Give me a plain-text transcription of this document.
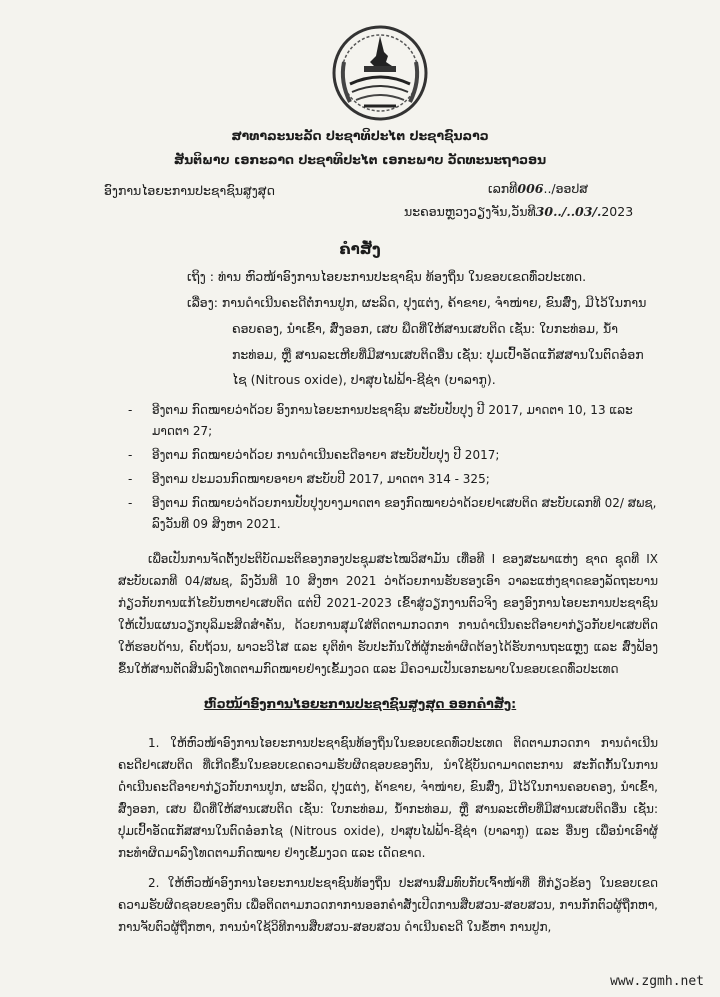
ສາທາລະນະລັດ ປະຊາທິປະໄຕ ປະຊາຊົນລາວ
ສັນຕິພາບ ເອກະລາດ ປະຊາທິປະໄຕ ເອກະພາບ ວັດທະນະຖາວອນ
ອົງການໄອຍະການປະຊາຊົນສູງສຸດ	ເລກທີ006../ອອປສ
ນະຄອນຫຼວງວຽງຈັນ,ວັນທີ30../..03/.2023
ຄຳສັ່ງ
ເຖິງ : ທ່ານ ຫົວໜ້າອົງການໄອຍະການປະຊາຊົນ ທ້ອງຖິ່ນ ໃນຂອບເຂດທົ່ວປະເທດ.
ເລື່ອງ: ການດຳເນີນຄະດີຕໍ່ການປູກ, ຜະລິດ, ປຸງແຕ່ງ, ຄ້າຂາຍ, ຈຳໜ່າຍ, ຂົນສົ່ງ, ມີໄວ້ໃນການ
ຄອບຄອງ, ນຳເຂົ້າ, ສົ່ງອອກ, ເສບ ພືດທີ່ໃຫ້ສານເສບຕິດ ເຊັ່ນ: ໃບກະທ່ອມ, ນ້ຳ
ກະທ່ອມ, ຫຼື ສານລະເຫີຍທີ່ມີສານເສບຕິດອື່ນ ເຊັ່ນ: ປຸມເປົ້າອັດແກັສສານໃນຕົດອ໋ອກ
ໄຊ (Nitrous oxide), ປາສຸບໄຟຟ້າ-ຊີຊ່າ (ບາລາກູ).
- ອີງຕາມ ກົດໝາຍວ່າດ້ວຍ ອົງການໄອຍະການປະຊາຊົນ ສະບັບປັບປຸງ ປີ 2017, ມາດຕາ 10, 13 ແລະ ມາດຕາ 27;
- ອີງຕາມ ກົດໝາຍວ່າດ້ວຍ ການດຳເນີນຄະດີອາຍາ ສະບັບປັບປຸງ ປີ 2017;
- ອີງຕາມ ປະມວນກົດໝາຍອາຍາ ສະບັບປີ 2017, ມາດຕາ 314 - 325;
- ອີງຕາມ ກົດໝາຍວ່າດ້ວຍການປັບປຸງບາງມາດຕາ ຂອງກົດໝາຍວ່າດ້ວຍຢາເສບຕິດ ສະບັບເລກທີ 02/ ສພຊ, ລົງວັນທີ 09 ສິງຫາ 2021.
ເພື່ອເປັນການຈັດຕັ້ງປະຕິບັດມະຕິຂອງກອງປະຊຸມສະໄໝວິສາມັນ ເທື່ອທີ I ຂອງສະພາແຫ່ງ ຊາດ ຊຸດທີ IX ສະບັບເລກທີ 04/ສພຊ, ລົງວັນທີ 10 ສິງຫາ 2021 ວ່າດ້ວຍການຮັບຮອງເອົາ ວາລະແຫ່ງຊາດຂອງລັດຖະບານ ກ່ຽວກັບການແກ້ໄຂບັນຫາຢາເສບຕິດ ແຕ່ປີ 2021-2023 ເຂົ້າສູ່ວຽກງານຕົວຈິງ ຂອງອົງການໄອຍະການປະຊາຊົນ ໃຫ້ເປັນແຜນວຽກບຸລິມະສິດສຳຄັນ, ດ້ວຍການສຸມໃສ່ຕິດຕາມກວດກາ ການດຳເນີນຄະດີອາຍາກ່ຽວກັບຢາເສບຕິດ ໃຫ້ຮອບດ້ານ, ຄົບຖ້ວນ, ພາວະວິໄສ ແລະ ຍຸຕິທຳ ຮັບປະກັນໃຫ້ຜູ້ກະທຳຜິດຕ້ອງໄດ້ຮັບການຖະແຫຼງ ແລະ ສົ່ງຟ້ອງຂຶ້ນໃຫ້ສານຕັດສິນລົງໂທດຕາມກົດໝາຍຢ່າງເຂັ້ມງວດ ແລະ ມີຄວາມເປັນເອກະພາບໃນຂອບເຂດທົ່ວປະເທດ
ຫົວໜ້າອົງການໄອຍະການປະຊາຊົນສູງສຸດ ອອກຄຳສັ່ງ:
1. ໃຫ້ຫົວໜ້າອົງການໄອຍະການປະຊາຊົນທ້ອງຖິ່ນໃນຂອບເຂດທົ່ວປະເທດ ຕິດຕາມກວດກາ ການດຳເນີນຄະດີຢາເສບຕິດ ທີ່ເກີດຂຶ້ນໃນຂອບເຂດຄວາມຮັບຜິດຊອບຂອງຕົນ, ນຳໃຊ້ບັນດາມາດຕະການ ສະກັດກັ້ນໃນການດຳເນີນຄະດີອາຍາກ່ຽວກັບການປູກ, ຜະລິດ, ປຸງແຕ່ງ, ຄ້າຂາຍ, ຈຳໜ່າຍ, ຂົນສົ່ງ, ມີໄວ້ໃນການຄອບຄອງ, ນຳເຂົ້າ, ສົ່ງອອກ, ເສບ ພືດທີ່ໃຫ້ສານເສບຕິດ ເຊັ່ນ: ໃບກະທ່ອມ, ນ້ຳກະທ່ອມ, ຫຼື ສານລະເຫີຍທີ່ມີສານເສບຕິດອື່ນ ເຊັ່ນ: ປຸມເປົ້າອັດແກັສສານໃນຕົດອ໋ອກໄຊ (Nitrous oxide), ປາສຸບໄຟຟ້າ-ຊີຊ່າ (ບາລາກູ) ແລະ ອື່ນໆ ເພື່ອນຳເອົາຜູ້ກະທຳຜິດມາລົງໂທດຕາມກົດໝາຍ ຢ່າງເຂັ້ມງວດ ແລະ ເດັດຂາດ.
2. ໃຫ້ຫົວໜ້າອົງການໄອຍະການປະຊາຊົນທ້ອງຖິ່ນ ປະສານສົມທົບກັບເຈົ້າໜ້າທີ່ ທີ່ກ່ຽວຂ້ອງ ໃນຂອບເຂດຄວາມຮັບຜິດຊອບຂອງຕົນ ເພື່ອຕິດຕາມກວດກາການອອກຄຳສັ່ງເປີດການສືບສວນ-ສອບສວນ, ການກັກຕົວຜູ້ຖືກຫາ, ການຈັບຕົວຜູ້ຖືກຫາ, ການນຳໃຊ້ວິທີການສືບສວນ-ສອບສວນ ດຳເນີນຄະດີ ໃນຂໍ້ຫາ ການປູກ,
www.zgmh.net
